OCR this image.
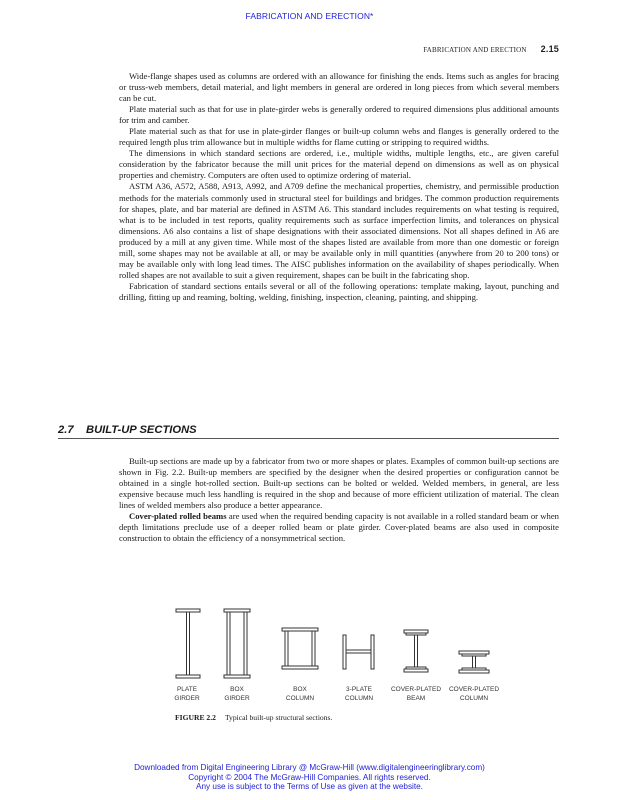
FABRICATION AND ERECTION*
FABRICATION AND ERECTION 2.15

Wide-flange shapes used as columns are ordered with an allowance for finishing the ends. Items such as angles for bracing or truss-web members, detail material, and light members in general are ordered in long pieces from which several members can be cut.

Plate material such as that for use in plate-girder webs is generally ordered to required dimensions plus additional amounts for trim and camber.

Plate material such as that for use in plate-girder flanges or built-up column webs and flanges is generally ordered to the required length plus trim allowance but in multiple widths for flame cutting or stripping to required widths.

The dimensions in which standard sections are ordered, i.e., multiple widths, multiple lengths, etc., are given careful consideration by the fabricator because the mill unit prices for the material depend on dimensions as well as on physical properties and chemistry. Computers are often used to optimize ordering of material.

ASTM A36, A572, A588, A913, A992, and A709 define the mechanical properties, chemistry, and permissible production methods for the materials commonly used in structural steel for buildings and bridges. The common production requirements for shapes, plate, and bar material are defined in ASTM A6. This standard includes requirements on what testing is required, what is to be included in test reports, quality requirements such as surface imperfection limits, and tolerances on physical dimensions. A6 also contains a list of shape designations with their associated dimensions. Not all shapes defined in A6 are produced by a mill at any given time. While most of the shapes listed are available from more than one domestic or foreign mill, some shapes may not be available at all, or may be available only in mill quantities (anywhere from 20 to 200 tons) or may be available only with long lead times. The AISC publishes information on the availability of shapes periodically. When rolled shapes are not available to suit a given requirement, shapes can be built in the fabricating shop.

Fabrication of standard sections entails several or all of the following operations: template making, layout, punching and drilling, fitting up and reaming, bolting, welding, finishing, inspection, cleaning, painting, and shipping.

2.7 BUILT-UP SECTIONS

Built-up sections are made up by a fabricator from two or more shapes or plates. Examples of common built-up sections are shown in Fig. 2.2. Built-up members are specified by the designer when the desired properties or configuration cannot be obtained in a single hot-rolled section. Built-up sections can be bolted or welded. Welded members, in general, are less expensive because much less handling is required in the shop and because of more efficient utilization of material. The clean lines of welded members also produce a better appearance.

Cover-plated rolled beams are used when the required bending capacity is not available in a rolled standard beam or when depth limitations preclude use of a deeper rolled beam or plate girder. Cover-plated beams are also used in composite construction to obtain the efficiency of a nonsymmetrical section.

PLATE
GIRDER
BOX
GIRDER
BOX
COLUMN
3-PLATE
COLUMN
COVER-PLATED
BEAM
COVER-PLATED
COLUMN
FIGURE 2.2 Typical built-up structural sections.
Downloaded from Digital Engineering Library @ McGraw-Hill (www.digitalengineeringlibrary.com)
Copyright © 2004 The McGraw-Hill Companies. All rights reserved.
Any use is subject to the Terms of Use as given at the website.
